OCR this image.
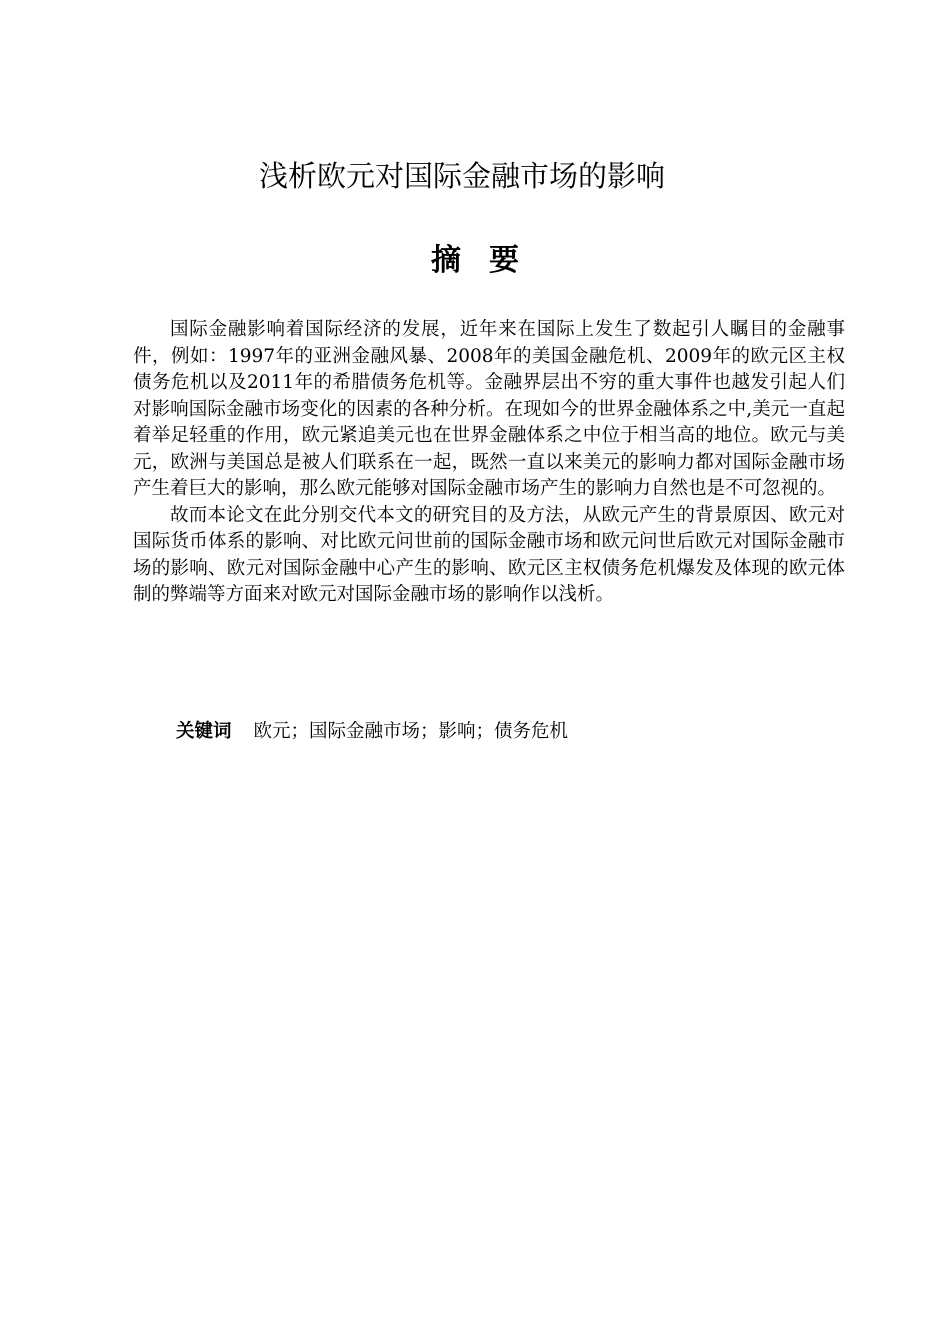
浅析欧元对国际金融市场的影响
摘要

国际金融影响着国际经济的发展，近年来在国际上发生了数起引人瞩目的金融事件，例如：1997年的亚洲金融风暴、2008年的美国金融危机、2009年的欧元区主权债务危机以及2011年的希腊债务危机等。金融界层出不穷的重大事件也越发引起人们对影响国际金融市场变化的因素的各种分析。在现如今的世界金融体系之中,美元一直起着举足轻重的作用，欧元紧追美元也在世界金融体系之中位于相当高的地位。欧元与美元，欧洲与美国总是被人们联系在一起，既然一直以来美元的影响力都对国际金融市场产生着巨大的影响，那么欧元能够对国际金融市场产生的影响力自然也是不可忽视的。

故而本论文在此分别交代本文的研究目的及方法，从欧元产生的背景原因、欧元对国际货币体系的影响、对比欧元问世前的国际金融市场和欧元问世后欧元对国际金融市场的影响、欧元对国际金融中心产生的影响、欧元区主权债务危机爆发及体现的欧元体制的弊端等方面来对欧元对国际金融市场的影响作以浅析。

关键词 欧元；国际金融市场；影响；债务危机
